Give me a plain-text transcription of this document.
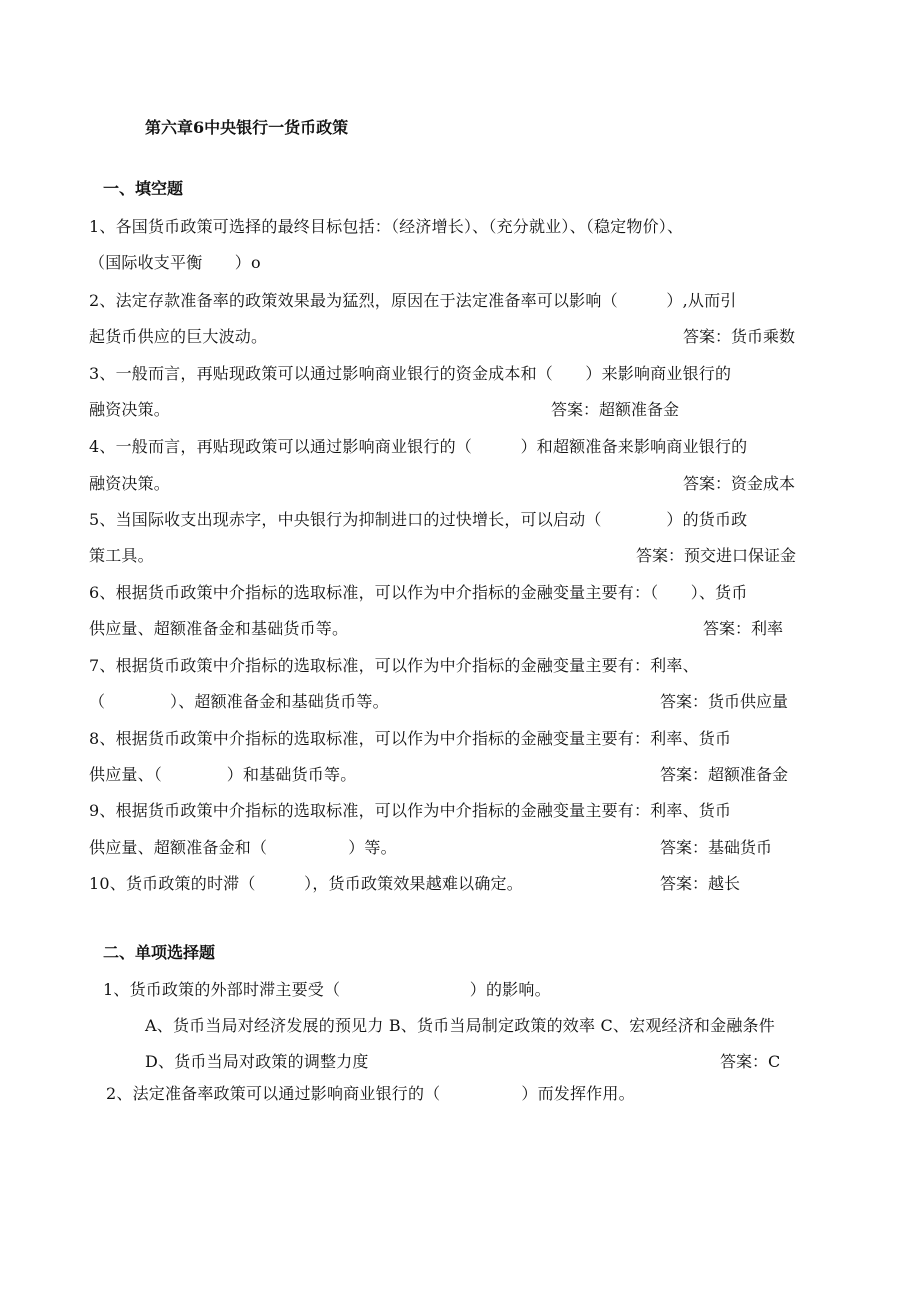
第六章6中央银行一货币政策
一、填空题
1、各国货币政策可选择的最终目标包括：（经济增长）、（充分就业）、（稳定物价）、
（国际收支平衡　　）o
2、法定存款准备率的政策效果最为猛烈，原因在于法定准备率可以影响（　　　）,从而引
起货币供应的巨大波动。	答案：货币乘数
3、一般而言，再贴现政策可以通过影响商业银行的资金成本和（　　）来影响商业银行的
融资决策。	答案：超额准备金
4、一般而言，再贴现政策可以通过影响商业银行的（　　　）和超额准备来影响商业银行的
融资决策。	答案：资金成本
5、当国际收支出现赤字，中央银行为抑制进口的过快增长，可以启动（　　　　）的货币政
策工具。	答案：预交进口保证金
6、根据货币政策中介指标的选取标准，可以作为中介指标的金融变量主要有：（　　）、货币
供应量、超额准备金和基础货币等。	答案：利率
7、根据货币政策中介指标的选取标准，可以作为中介指标的金融变量主要有：利率、
（　　　　）、超额准备金和基础货币等。	答案：货币供应量
8、根据货币政策中介指标的选取标准，可以作为中介指标的金融变量主要有：利率、货币
供应量、（　　　　）和基础货币等。	答案：超额准备金
9、根据货币政策中介指标的选取标准，可以作为中介指标的金融变量主要有：利率、货币
供应量、超额准备金和（　　　　　）等。	答案：基础货币
10、货币政策的时滞（　　　），货币政策效果越难以确定。	答案：越长
二、单项选择题
1、货币政策的外部时滞主要受（　　　　　　　　）的影响。
A、货币当局对经济发展的预见力 B、货币当局制定政策的效率 C、宏观经济和金融条件
D、货币当局对政策的调整力度	答案：C
2、法定准备率政策可以通过影响商业银行的（　　　　　）而发挥作用。
